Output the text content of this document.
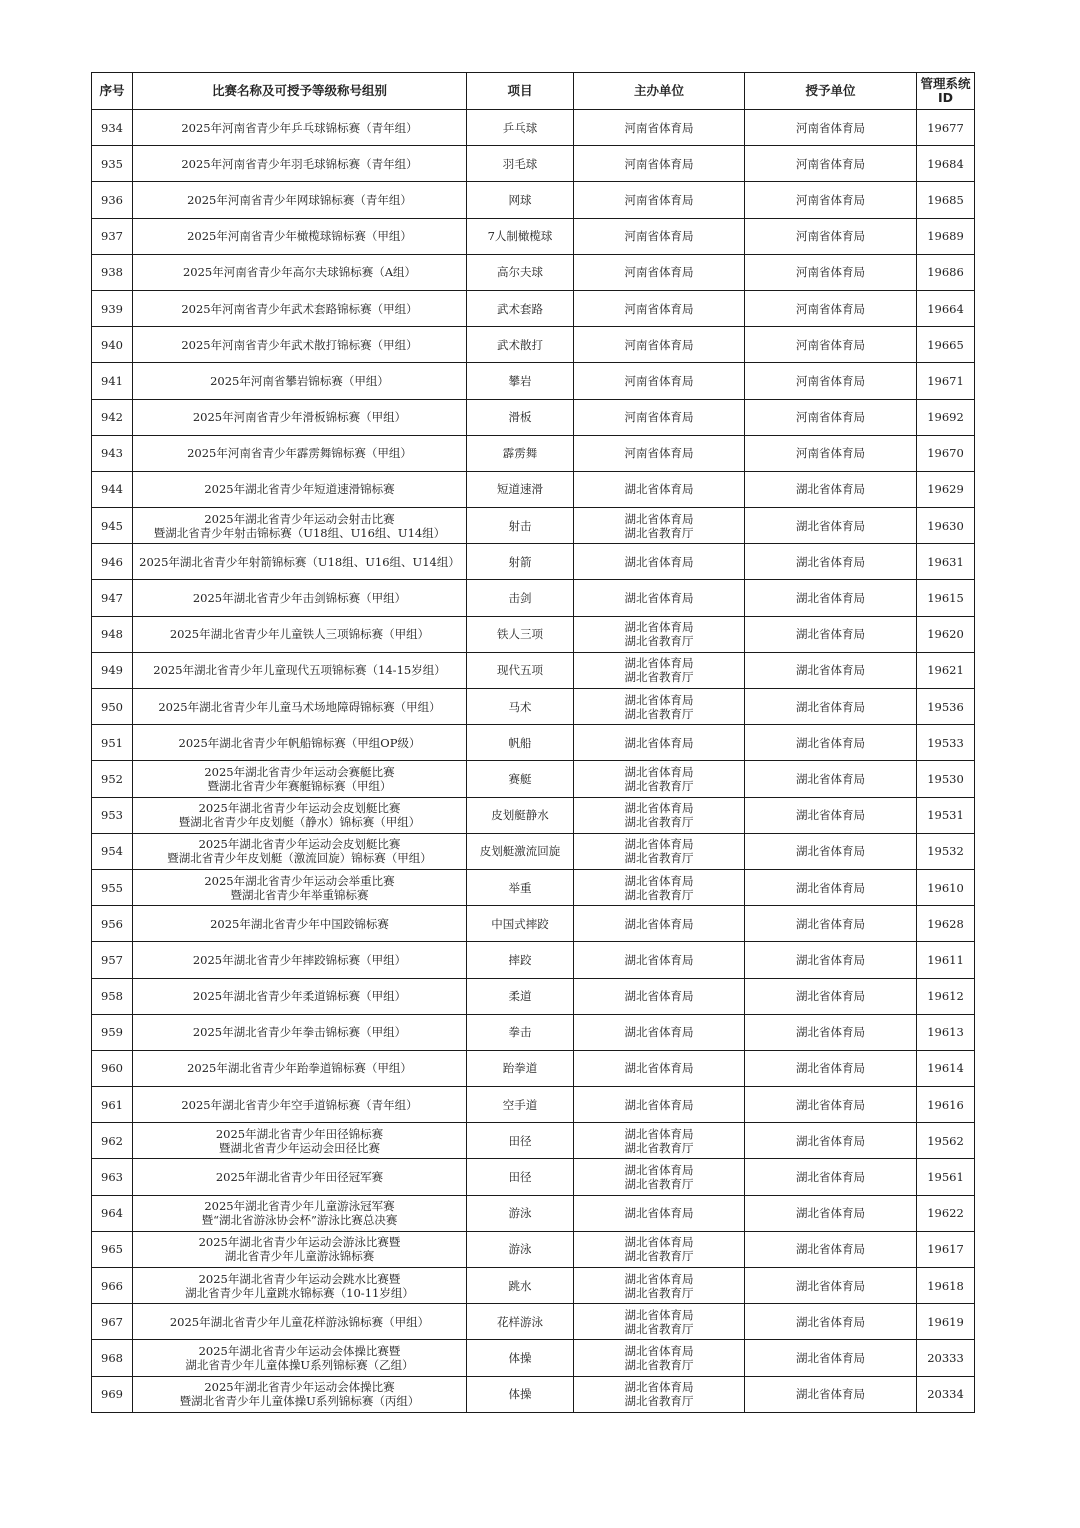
序号	比赛名称及可授予等级称号组别	项目	主办单位	授予单位	管理系统
ID

934	2025年河南省青少年乒乓球锦标赛（青年组）	乒乓球	河南省体育局	河南省体育局	19677
935	2025年河南省青少年羽毛球锦标赛（青年组）	羽毛球	河南省体育局	河南省体育局	19684
936	2025年河南省青少年网球锦标赛（青年组）	网球	河南省体育局	河南省体育局	19685
937	2025年河南省青少年橄榄球锦标赛（甲组）	7人制橄榄球	河南省体育局	河南省体育局	19689
938	2025年河南省青少年高尔夫球锦标赛（A组）	高尔夫球	河南省体育局	河南省体育局	19686
939	2025年河南省青少年武术套路锦标赛（甲组）	武术套路	河南省体育局	河南省体育局	19664
940	2025年河南省青少年武术散打锦标赛（甲组）	武术散打	河南省体育局	河南省体育局	19665
941	2025年河南省攀岩锦标赛（甲组）	攀岩	河南省体育局	河南省体育局	19671
942	2025年河南省青少年滑板锦标赛（甲组）	滑板	河南省体育局	河南省体育局	19692
943	2025年河南省青少年霹雳舞锦标赛（甲组）	霹雳舞	河南省体育局	河南省体育局	19670
944	2025年湖北省青少年短道速滑锦标赛	短道速滑	湖北省体育局	湖北省体育局	19629
945	2025年湖北省青少年运动会射击比赛
暨湖北省青少年射击锦标赛（U18组、U16组、U14组）	射击	湖北省体育局
湖北省教育厅	湖北省体育局	19630
946	2025年湖北省青少年射箭锦标赛（U18组、U16组、U14组）	射箭	湖北省体育局	湖北省体育局	19631
947	2025年湖北省青少年击剑锦标赛（甲组）	击剑	湖北省体育局	湖北省体育局	19615
948	2025年湖北省青少年儿童铁人三项锦标赛（甲组）	铁人三项	湖北省体育局
湖北省教育厅	湖北省体育局	19620
949	2025年湖北省青少年儿童现代五项锦标赛（14-15岁组）	现代五项	湖北省体育局
湖北省教育厅	湖北省体育局	19621
950	2025年湖北省青少年儿童马术场地障碍锦标赛（甲组）	马术	湖北省体育局
湖北省教育厅	湖北省体育局	19536
951	2025年湖北省青少年帆船锦标赛（甲组OP级）	帆船	湖北省体育局	湖北省体育局	19533
952	2025年湖北省青少年运动会赛艇比赛
暨湖北省青少年赛艇锦标赛（甲组）	赛艇	湖北省体育局
湖北省教育厅	湖北省体育局	19530
953	2025年湖北省青少年运动会皮划艇比赛
暨湖北省青少年皮划艇（静水）锦标赛（甲组）	皮划艇静水	湖北省体育局
湖北省教育厅	湖北省体育局	19531
954	2025年湖北省青少年运动会皮划艇比赛
暨湖北省青少年皮划艇（激流回旋）锦标赛（甲组）	皮划艇激流回旋	湖北省体育局
湖北省教育厅	湖北省体育局	19532
955	2025年湖北省青少年运动会举重比赛
暨湖北省青少年举重锦标赛	举重	湖北省体育局
湖北省教育厅	湖北省体育局	19610
956	2025年湖北省青少年中国跤锦标赛	中国式摔跤	湖北省体育局	湖北省体育局	19628
957	2025年湖北省青少年摔跤锦标赛（甲组）	摔跤	湖北省体育局	湖北省体育局	19611
958	2025年湖北省青少年柔道锦标赛（甲组）	柔道	湖北省体育局	湖北省体育局	19612
959	2025年湖北省青少年拳击锦标赛（甲组）	拳击	湖北省体育局	湖北省体育局	19613
960	2025年湖北省青少年跆拳道锦标赛（甲组）	跆拳道	湖北省体育局	湖北省体育局	19614
961	2025年湖北省青少年空手道锦标赛（青年组）	空手道	湖北省体育局	湖北省体育局	19616
962	2025年湖北省青少年田径锦标赛
暨湖北省青少年运动会田径比赛	田径	湖北省体育局
湖北省教育厅	湖北省体育局	19562
963	2025年湖北省青少年田径冠军赛	田径	湖北省体育局
湖北省教育厅	湖北省体育局	19561
964	2025年湖北省青少年儿童游泳冠军赛
暨“湖北省游泳协会杯”游泳比赛总决赛	游泳	湖北省体育局	湖北省体育局	19622
965	2025年湖北省青少年运动会游泳比赛暨
湖北省青少年儿童游泳锦标赛	游泳	湖北省体育局
湖北省教育厅	湖北省体育局	19617
966	2025年湖北省青少年运动会跳水比赛暨
湖北省青少年儿童跳水锦标赛（10-11岁组）	跳水	湖北省体育局
湖北省教育厅	湖北省体育局	19618
967	2025年湖北省青少年儿童花样游泳锦标赛（甲组）	花样游泳	湖北省体育局
湖北省教育厅	湖北省体育局	19619
968	2025年湖北省青少年运动会体操比赛暨
湖北省青少年儿童体操U系列锦标赛（乙组）	体操	湖北省体育局
湖北省教育厅	湖北省体育局	20333
969	2025年湖北省青少年运动会体操比赛
暨湖北省青少年儿童体操U系列锦标赛（丙组）	体操	湖北省体育局
湖北省教育厅	湖北省体育局	20334
